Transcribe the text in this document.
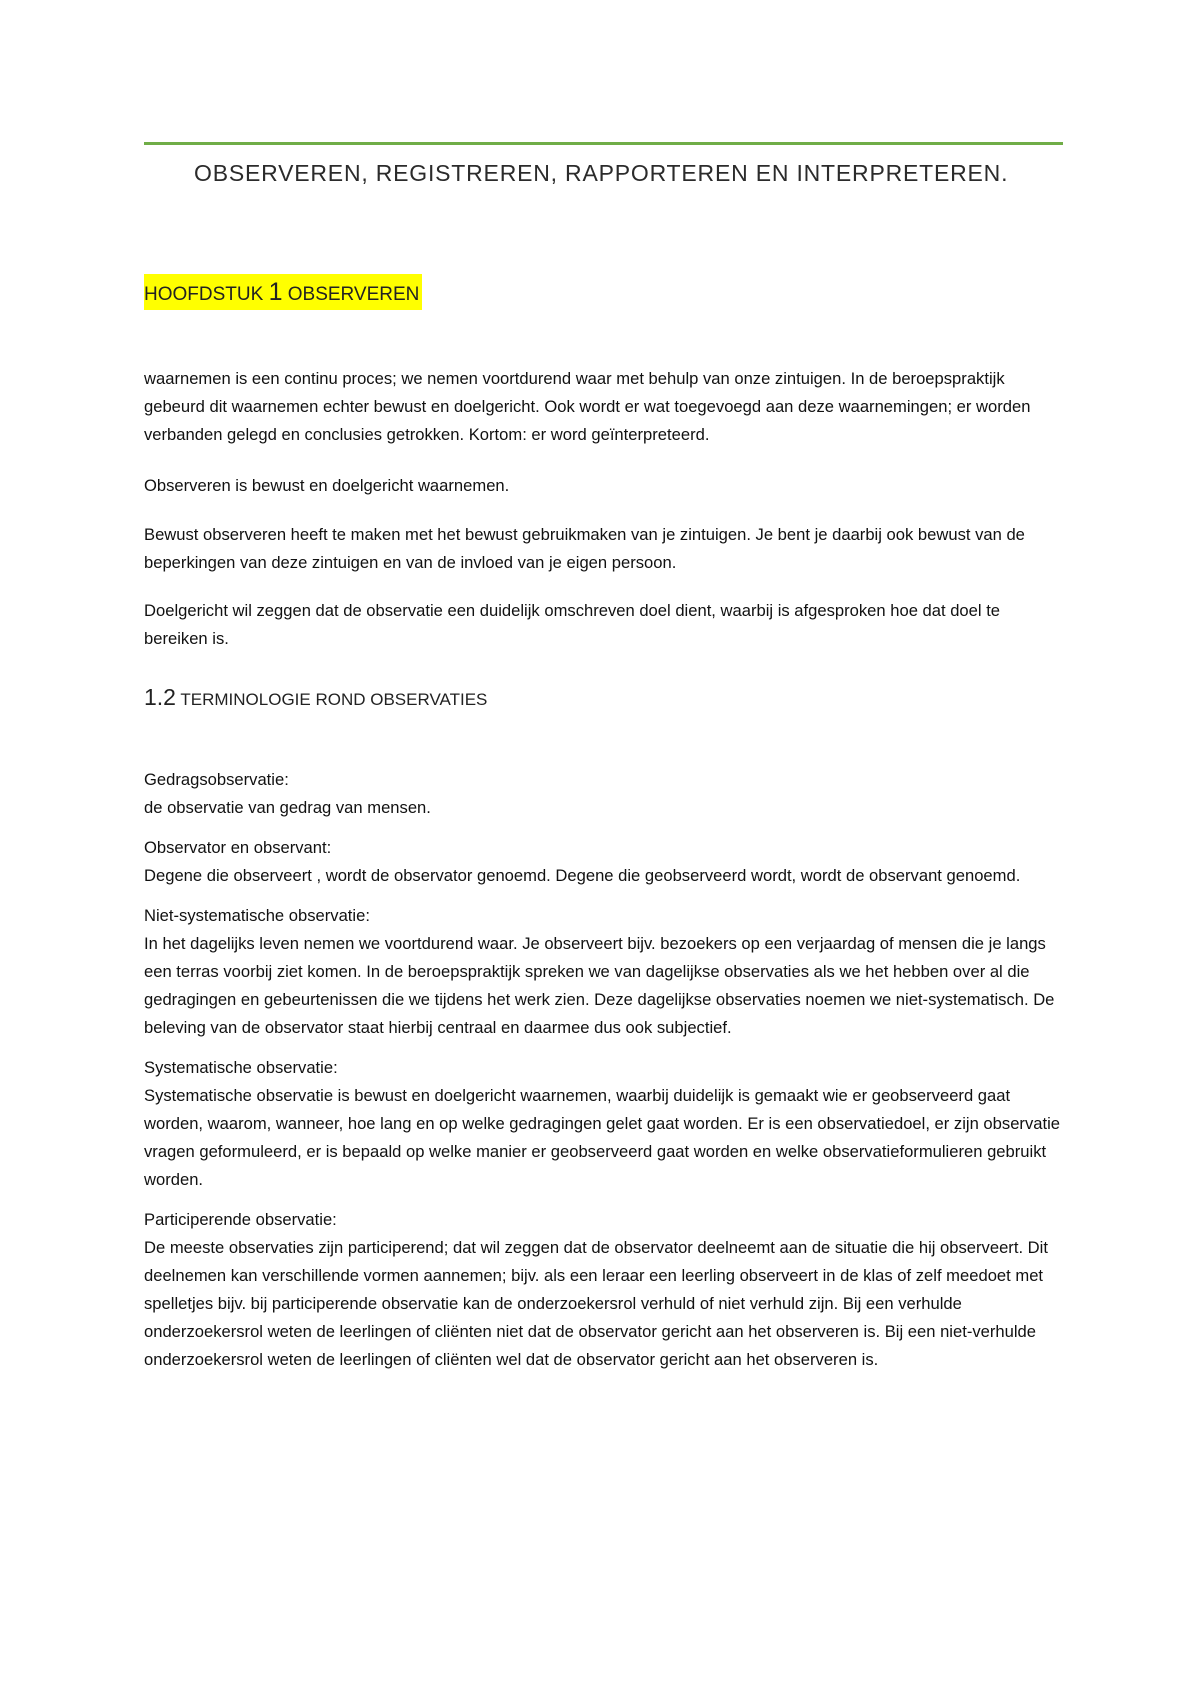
OBSERVEREN, REGISTREREN, RAPPORTEREN EN INTERPRETEREN.
HOOFDSTUK 1 OBSERVEREN

waarnemen is een continu proces; we nemen voortdurend waar met behulp van onze zintuigen. In de beroepspraktijk gebeurd dit waarnemen echter bewust en doelgericht. Ook wordt er wat toegevoegd aan deze waarnemingen; er worden verbanden gelegd en conclusies getrokken. Kortom: er word geïnterpreteerd.

Observeren is bewust en doelgericht waarnemen.

Bewust observeren heeft te maken met het bewust gebruikmaken van je zintuigen. Je bent je daarbij ook bewust van de beperkingen van deze zintuigen en van de invloed van je eigen persoon.

Doelgericht wil zeggen dat de observatie een duidelijk omschreven doel dient, waarbij is afgesproken hoe dat doel te bereiken is.

1.2 TERMINOLOGIE ROND OBSERVATIES
Gedragsobservatie:
de observatie van gedrag van mensen.
Observator en observant:
Degene die observeert , wordt de observator genoemd. Degene die geobserveerd wordt, wordt de observant genoemd.
Niet-systematische observatie:
In het dagelijks leven nemen we voortdurend waar. Je observeert bijv. bezoekers op een verjaardag of mensen die je langs een terras voorbij ziet komen. In de beroepspraktijk spreken we van dagelijkse observaties als we het hebben over al die gedragingen en gebeurtenissen die we tijdens het werk zien. Deze dagelijkse observaties noemen we niet-systematisch. De beleving van de observator staat hierbij centraal en daarmee dus ook subjectief.
Systematische observatie:
Systematische observatie is bewust en doelgericht waarnemen, waarbij duidelijk is gemaakt wie er geobserveerd gaat worden, waarom, wanneer, hoe lang en op welke gedragingen gelet gaat worden. Er is een observatiedoel, er zijn observatie vragen geformuleerd, er is bepaald op welke manier er geobserveerd gaat worden en welke observatieformulieren gebruikt worden.
Participerende observatie:
De meeste observaties zijn participerend; dat wil zeggen dat de observator deelneemt aan de situatie die hij observeert. Dit deelnemen kan verschillende vormen aannemen; bijv. als een leraar een leerling observeert in de klas of zelf meedoet met spelletjes bijv. bij participerende observatie kan de onderzoekersrol verhuld of niet verhuld zijn. Bij een verhulde onderzoekersrol weten de leerlingen of cliënten niet dat de observator gericht aan het observeren is. Bij een niet-verhulde onderzoekersrol weten de leerlingen of cliënten wel dat de observator gericht aan het observeren is.
